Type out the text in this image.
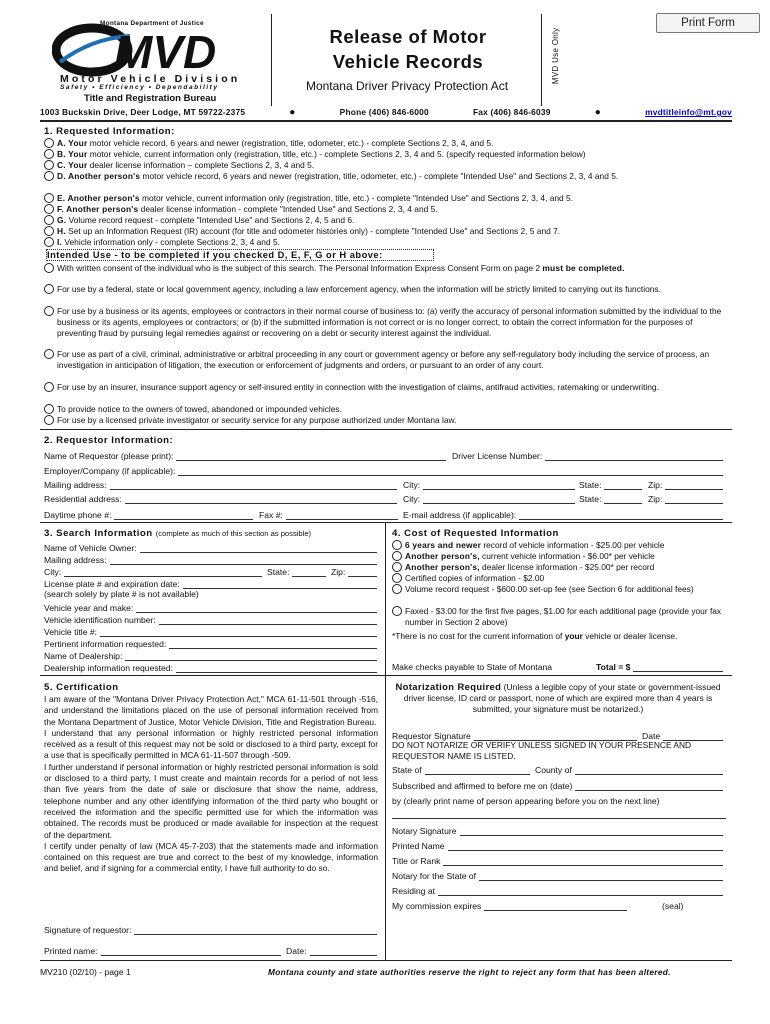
Print Form
MVD
Montana Department of Justice
Motor Vehicle Division
Safety • Efficiency • Dependability
Title and Registration Bureau
Release of Motor
Vehicle Records
Montana Driver Privacy Protection Act
MVD Use Only
1003 Buckskin Drive, Deer Lodge, MT 59722-2375	●	Phone (406) 846-6000	Fax (406) 846-6039	●	mvdtitleinfo@mt.gov
1. Requested Information:
A. Your motor vehicle record, 6 years and newer (registration, title, odometer, etc.) - complete Sections 2, 3, 4, and 5.
B. Your motor vehicle, current information only (registration, title, etc.) - complete Sections 2, 3, 4 and 5. (specify requested information below)
C. Your dealer license information – complete Sections 2, 3, 4 and 5.
D. Another person's motor vehicle record, 6 years and newer (registration, title, odometer, etc.) - complete "Intended Use" and Sections 2, 3, 4 and 5.
E. Another person's motor vehicle, current information only (registration, title, etc.) - complete "Intended Use" and Sections 2, 3, 4, and 5.
F. Another person's dealer license information - complete "Intended Use" and Sections 2, 3, 4 and 5.
G. Volume record request - complete "Intended Use" and Sections 2, 4, 5 and 6.
H. Set up an Information Request (IR) account (for title and odometer histories only) - complete "Intended Use" and Sections 2, 5 and 7.
I. Vehicle information only - complete Sections 2, 3, 4 and 5.
Intended Use - to be completed if you checked D, E, F, G or H above:
With written consent of the individual who is the subject of this search. The Personal Information Express Consent Form on page 2 must be completed.
For use by a federal, state or local government agency, including a law enforcement agency, when the information will be strictly limited to carrying out its functions.
For use by a business or its agents, employees or contractors in their normal course of business to: (a) verify the accuracy of personal information submitted by the individual to the business or its agents, employees or contractors; or (b) if the submitted information is not correct or is no longer correct, to obtain the correct information for the purposes of preventing fraud by pursuing legal remedies against or recovering on a debt or security interest against the individual.
For use as part of a civil, criminal, administrative or arbitral proceeding in any court or government agency or before any self-regulatory body including the service of process, an investigation in anticipation of litigation, the execution or enforcement of judgments and orders, or pursuant to an order of any court.
For use by an insurer, insurance support agency or self-insured entity in connection with the investigation of claims, antifraud activities, ratemaking or underwriting.
To provide notice to the owners of towed, abandoned or impounded vehicles.
For use by a licensed private investigator or security service for any purpose authorized under Montana law.
2. Requestor Information:
Name of Requestor (please print):	Driver License Number:
Employer/Company (if applicable):
Mailing address:	City:	State:	Zip:
Residential address:	City:	State:	Zip:
Daytime phone #:	Fax #:	E-mail address (if applicable):
3. Search Information (complete as much of this section as possible)
Name of Vehicle Owner:
Mailing address:
City:	State:	Zip:
License plate # and expiration date:
(search solely by plate # is not available)
Vehicle year and make:
Vehicle identification number:
Vehicle title #:
Pertinent information requested:
Name of Dealership:
Dealership information requested:
4. Cost of Requested Information
6 years and newer record of vehicle information - $25.00 per vehicle
Another person's, current vehicle information - $6.00* per vehicle
Another person's, dealer license information - $25.00* per record
Certified copies of information - $2.00
Volume record request - $600.00 set-up fee (see Section 6 for additional fees)
Faxed - $3.00 for the first five pages, $1.00 for each additional page (provide your fax number in Section 2 above)
*There is no cost for the current information of your vehicle or dealer license.
Make checks payable to State of Montana	Total = $
5. Certification
I am aware of the "Montana Driver Privacy Protection Act," MCA 61-11-501 through -516, and understand the limitations placed on the use of personal information received from the Montana Department of Justice, Motor Vehicle Division, Title and Registration Bureau.
I understand that any personal information or highly restricted personal information received as a result of this request may not be sold or disclosed to a third party, except for a use that is specifically permitted in MCA 61-11-507 through -509.
I further understand if personal information or highly restricted personal information is sold or disclosed to a third party, I must create and maintain records for a period of not less than five years from the date of sale or disclosure that show the name, address, telephone number and any other identifying information of the third party who bought or received the information and the specific permitted use for which the information was obtained. The records must be produced or made available for inspection at the request of the department.
I certify under penalty of law (MCA 45-7-203) that the statements made and information contained on this request are true and correct to the best of my knowledge, information and belief, and if signing for a commercial entity, I have full authority to do so.
Signature of requestor:
Printed name:	Date:
Notarization Required (Unless a legible copy of your state or government-issued driver license, ID card or passport, none of which are expired more than 4 years is submitted, your signature must be notarized.)
Requestor Signature	Date
DO NOT NOTARIZE OR VERIFY UNLESS SIGNED IN YOUR PRESENCE AND REQUESTOR NAME IS LISTED.
State of	County of
Subscribed and affirmed to before me on (date)
by (clearly print name of person appearing before you on the next line)
Notary Signature
Printed Name
Title or Rank
Notary for the State of
Residing at
My commission expires	(seal)
MV210 (02/10) - page 1	Montana county and state authorities reserve the right to reject any form that has been altered.
